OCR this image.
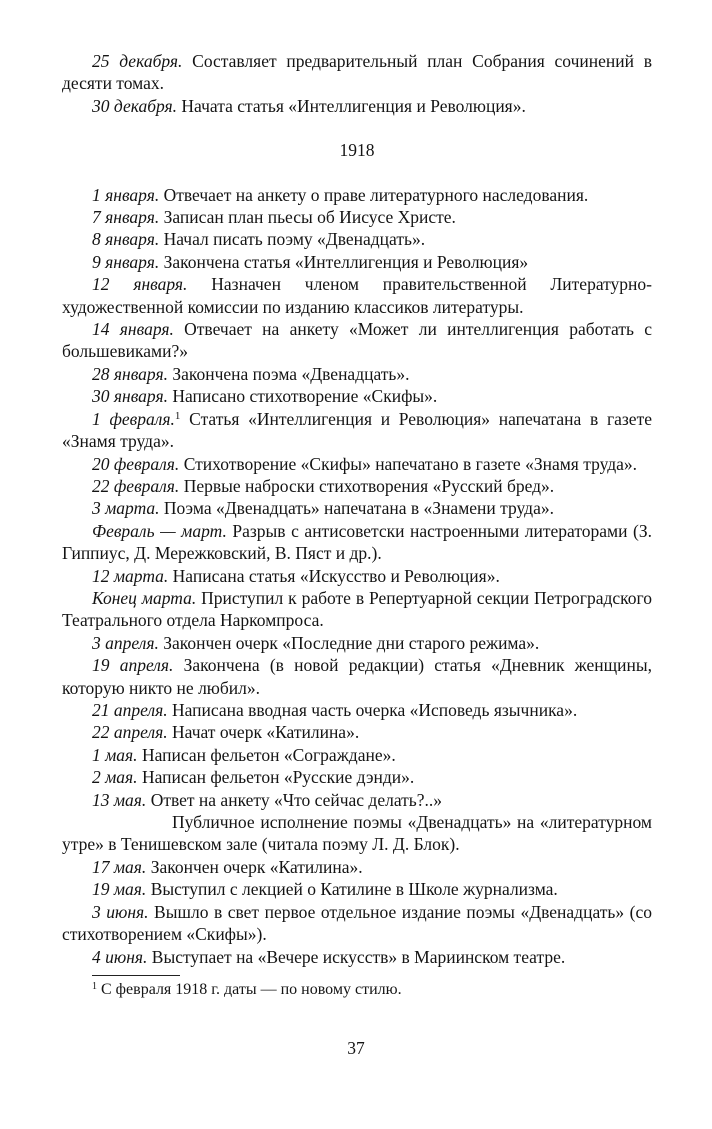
25 декабря. Составляет предварительный план Собрания сочинений в десяти томах.

30 декабря. Начата статья «Интеллигенция и Революция».

1918

1 января. Отвечает на анкету о праве литературного наследования.

7 января. Записан план пьесы об Иисусе Христе.

8 января. Начал писать поэму «Двенадцать».

9 января. Закончена статья «Интеллигенция и Революция»

12 января. Назначен членом правительственной Литературно-художественной комиссии по изданию классиков литературы.

14 января. Отвечает на анкету «Может ли интеллигенция работать с большевиками?»

28 января. Закончена поэма «Двенадцать».

30 января. Написано стихотворение «Скифы».

1 февраля.$^1$ Статья «Интеллигенция и Революция» напечатана в газете «Знамя труда».

20 февраля. Стихотворение «Скифы» напечатано в газете «Знамя труда».

22 февраля. Первые наброски стихотворения «Русский бред».

3 марта. Поэма «Двенадцать» напечатана в «Знамени труда».

Февраль — март. Разрыв с антисоветски настроенными литераторами (З. Гиппиус, Д. Мережковский, В. Пяст и др.).

12 марта. Написана статья «Искусство и Революция».

Конец марта. Приступил к работе в Репертуарной секции Петроградского Театрального отдела Наркомпроса.

3 апреля. Закончен очерк «Последние дни старого режима».

19 апреля. Закончена (в новой редакции) статья «Дневник женщины, которую никто не любил».

21 апреля. Написана вводная часть очерка «Исповедь язычника».

22 апреля. Начат очерк «Катилина».

1 мая. Написан фельетон «Сограждане».

2 мая. Написан фельетон «Русские дэнди».

13 мая. Ответ на анкету «Что сейчас делать?..»

Публичное исполнение поэмы «Двенадцать» на «литературном утре» в Тенишевском зале (читала поэму Л. Д. Блок).

17 мая. Закончен очерк «Катилина».

19 мая. Выступил с лекцией о Катилине в Школе журнализма.

3 июня. Вышло в свет первое отдельное издание поэмы «Двенадцать» (со стихотворением «Скифы»).

4 июня. Выступает на «Вечере искусств» в Мариинском театре.

$^1$ С февраля 1918 г. даты — по новому стилю.

37
